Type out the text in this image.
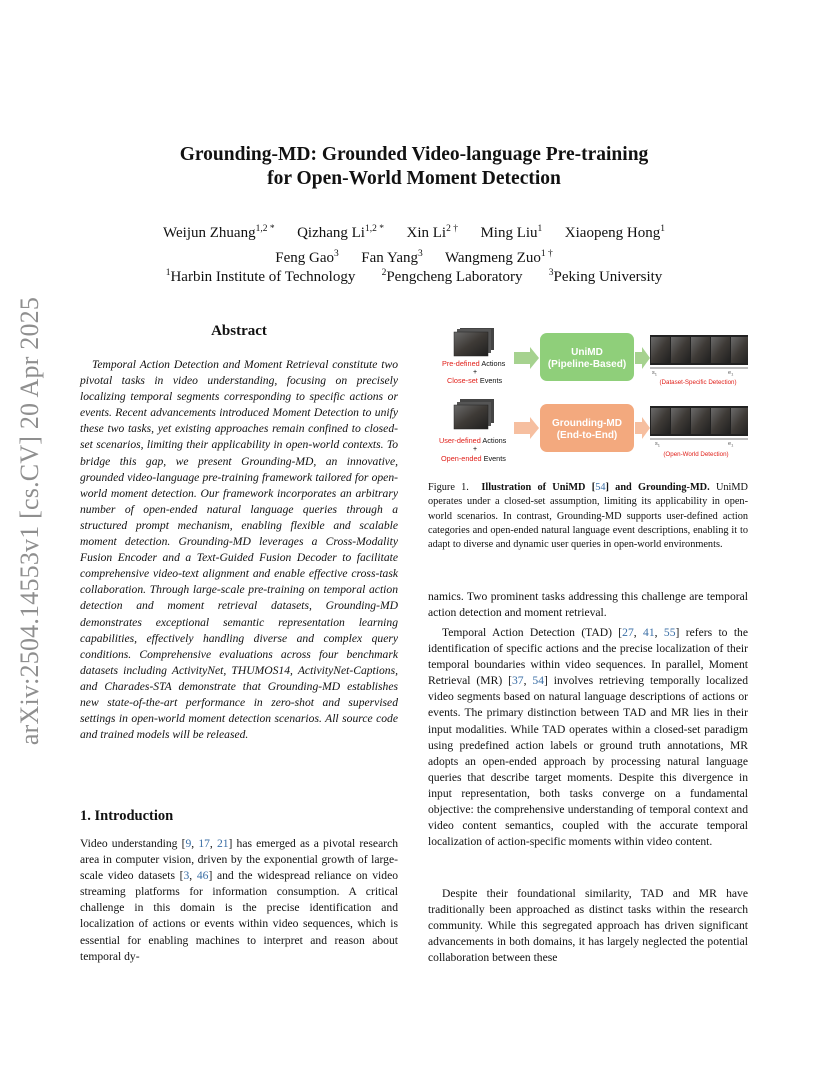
arXiv:2504.14553v1 [cs.CV] 20 Apr 2025
Grounding-MD: Grounded Video-language Pre-training
for Open-World Moment Detection
Weijun Zhuang$^{1,2 *}$ Qizhang $Li^{1,2 *}$ Xin $Li^{2 \dagger}$ Ming Liu$^1$ Xiaopeng Hong$^1$
Feng Gao$^3$ Fan Yang$^3$ Wangmeng Zuo$^{1 \dagger}$
$^1$Harbin Institute of Technology	$^2$Pengcheng Laboratory	$^3$Peking University
Abstract

Temporal Action Detection and Moment Retrieval constitute two pivotal tasks in video understanding, focusing on precisely localizing temporal segments corresponding to specific actions or events. Recent advancements introduced Moment Detection to unify these two tasks, yet existing approaches remain confined to closed-set scenarios, limiting their applicability in open-world contexts. To bridge this gap, we present Grounding-MD, an innovative, grounded video-language pre-training framework tailored for open-world moment detection. Our framework incorporates an arbitrary number of open-ended natural language queries through a structured prompt mechanism, enabling flexible and scalable moment detection. Grounding-MD leverages a Cross-Modality Fusion Encoder and a Text-Guided Fusion Decoder to facilitate comprehensive video-text alignment and enable effective cross-task collaboration. Through large-scale pre-training on temporal action detection and moment retrieval datasets, Grounding-MD demonstrates exceptional semantic representation learning capabilities, effectively handling diverse and complex query conditions. Comprehensive evaluations across four benchmark datasets including ActivityNet, THUMOS14, ActivityNet-Captions, and Charades-STA demonstrate that Grounding-MD establishes new state-of-the-art performance in zero-shot and supervised settings in open-world moment detection scenarios. All source code and trained models will be released.

1. Introduction

Video understanding [9, 17, 21] has emerged as a pivotal research area in computer vision, driven by the exponential growth of large-scale video datasets [3, 46] and the widespread reliance on video streaming platforms for information consumption. A critical challenge in this domain is the precise identification and localization of actions or events within video sequences, which is essential for enabling machines to interpret and reason about temporal dy-

Pre-defined Actions
+
Close-set Events
UniMD
(Pipeline-Based)
$s_1$	$e_1$
(Dataset-Specific Detection)
User-defined Actions
+
Open-ended Events
Grounding-MD
(End-to-End)
$s_1$	$e_1$
(Open-World Detection)

Figure 1. Illustration of UniMD [54] and Grounding-MD. UniMD operates under a closed-set assumption, limiting its applicability in open-world scenarios. In contrast, Grounding-MD supports user-defined action categories and open-ended natural language event descriptions, enabling it to adapt to diverse and dynamic user queries in open-world environments.

namics. Two prominent tasks addressing this challenge are temporal action detection and moment retrieval.

Temporal Action Detection (TAD) [27, 41, 55] refers to the identification of specific actions and the precise localization of their temporal boundaries within video sequences. In parallel, Moment Retrieval (MR) [37, 54] involves retrieving temporally localized video segments based on natural language descriptions of actions or events. The primary distinction between TAD and MR lies in their input modalities. While TAD operates within a closed-set paradigm using predefined action labels or ground truth annotations, MR adopts an open-ended approach by processing natural language queries that describe target moments. Despite this divergence in input representation, both tasks converge on a fundamental objective: the comprehensive understanding of temporal context and video content semantics, coupled with the accurate temporal localization of action-specific moments within video content.

Despite their foundational similarity, TAD and MR have traditionally been approached as distinct tasks within the research community. While this segregated approach has driven significant advancements in both domains, it has largely neglected the potential collaboration between these
